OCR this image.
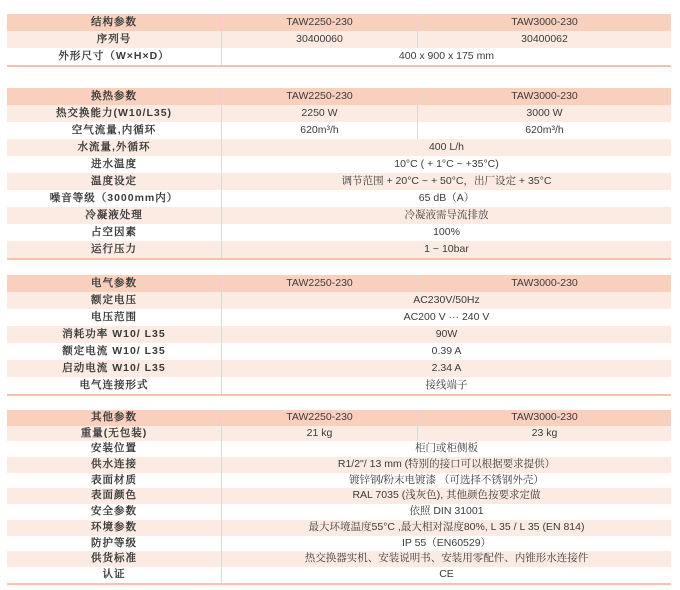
结构参数	TAW2250-230	TAW3000-230
序列号	30400060	30400062
外形尺寸（W×H×D）	400 x 900 x 175 mm
换热参数	TAW2250-230	TAW3000-230
热交换能力(W10/L35)	2250 W	3000 W
空气流量,内循环	620m³/h	620m³/h
水流量,外循环	400 L/h
进水温度	10°C ( + 1°C ~ +35°C)
温度设定	调节范围 + 20°C ~ + 50°C，出厂设定 + 35°C
噪音等级（3000mm内）	65 dB（A）
冷凝液处理	冷凝液需导流排放
占空因素	100%
运行压力	1 ~ 10bar
电气参数	TAW2250-230	TAW3000-230
额定电压	AC230V/50Hz
电压范围	AC200 V ··· 240 V
消耗功率 W10/ L35	90W
额定电流 W10/ L35	0.39 A
启动电流 W10/ L35	2.34 A
电气连接形式	接线端子
其他参数	TAW2250-230	TAW3000-230
重量(无包装)	21 kg	23 kg
安装位置	柜门或柜侧板
供水连接	R1/2"/ 13 mm (特别的接口可以根据要求提供）
表面材质	镀锌钢/粉末电镀漆 （可选择不锈钢外壳）
表面颜色	RAL 7035 (浅灰色), 其他颜色按要求定做
安全参数	依照 DIN 31001
环境参数	最大环境温度55°C ,最大相对湿度80%, L 35 / L 35 (EN 814)
防护等级	IP 55（EN60529）
供货标准	热交换器实机、安装说明书、安装用零配件、内锥形水连接件
认证	CE
